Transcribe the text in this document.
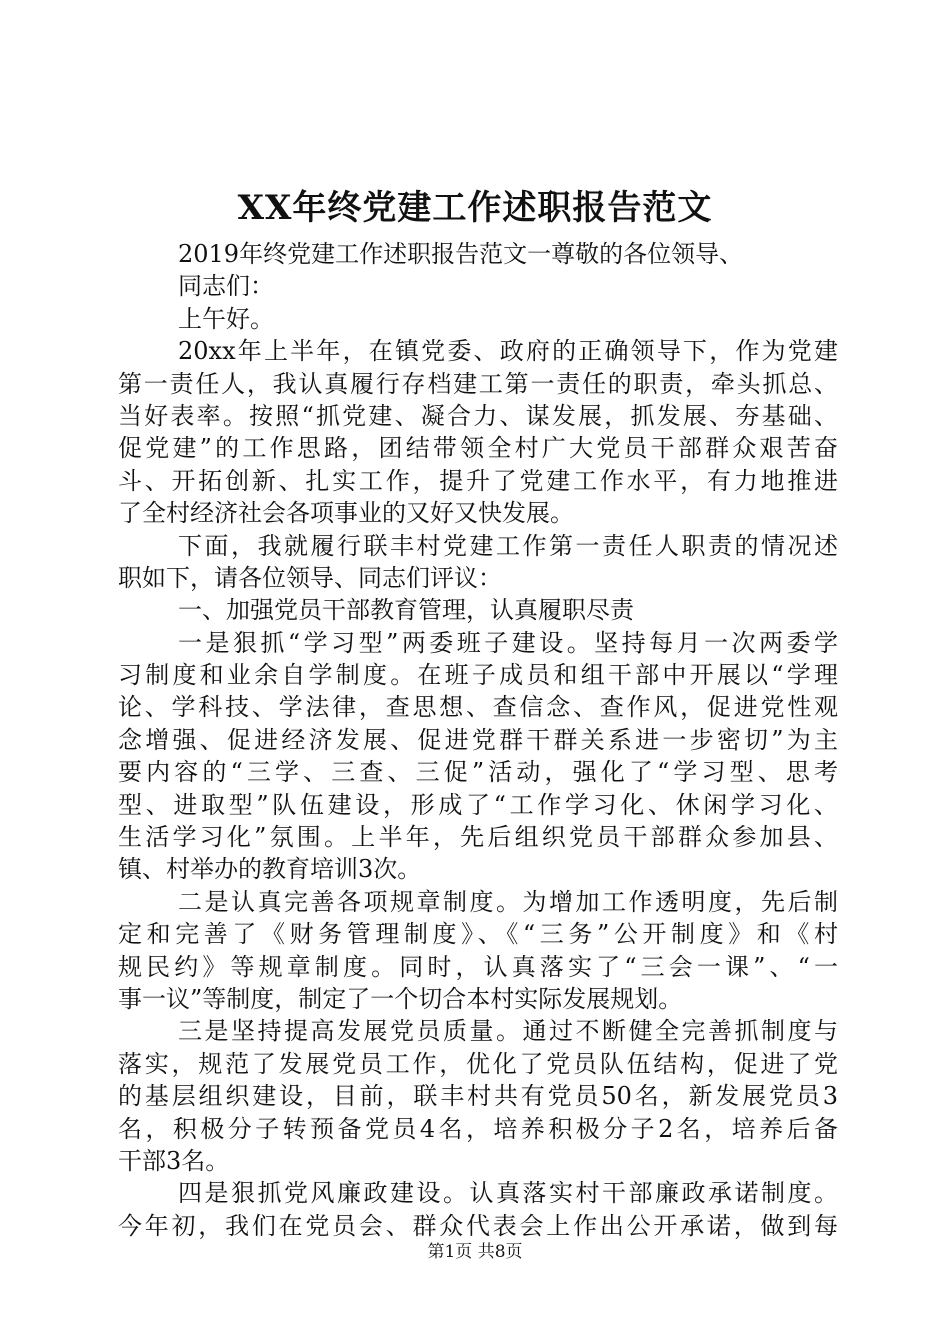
XX年终党建工作述职报告范文
2019年终党建工作述职报告范文一尊敬的各位领导、
同志们：
上午好。
20xx年上半年，在镇党委、政府的正确领导下，作为党建
第一责任人，我认真履行存档建工第一责任的职责，牵头抓总、
当好表率。按照“抓党建、凝合力、谋发展，抓发展、夯基础、
促党建”的工作思路，团结带领全村广大党员干部群众艰苦奋
斗、开拓创新、扎实工作，提升了党建工作水平，有力地推进
了全村经济社会各项事业的又好又快发展。
下面，我就履行联丰村党建工作第一责任人职责的情况述
职如下，请各位领导、同志们评议：
一、加强党员干部教育管理，认真履职尽责
一是狠抓“学习型”两委班子建设。坚持每月一次两委学
习制度和业余自学制度。在班子成员和组干部中开展以“学理
论、学科技、学法律，查思想、查信念、查作风，促进党性观
念增强、促进经济发展、促进党群干群关系进一步密切”为主
要内容的“三学、三查、三促”活动，强化了“学习型、思考
型、进取型”队伍建设，形成了“工作学习化、休闲学习化、
生活学习化”氛围。上半年，先后组织党员干部群众参加县、
镇、村举办的教育培训3次。
二是认真完善各项规章制度。为增加工作透明度，先后制
定和完善了《财务管理制度》、《“三务”公开制度》和《村
规民约》等规章制度。同时，认真落实了“三会一课”、“一
事一议”等制度，制定了一个切合本村实际发展规划。
三是坚持提高发展党员质量。通过不断健全完善抓制度与
落实，规范了发展党员工作，优化了党员队伍结构，促进了党
的基层组织建设，目前，联丰村共有党员50名，新发展党员3
名，积极分子转预备党员4名，培养积极分子2名，培养后备
干部3名。
四是狠抓党风廉政建设。认真落实村干部廉政承诺制度。
今年初，我们在党员会、群众代表会上作出公开承诺，做到每
第1页 共8页
